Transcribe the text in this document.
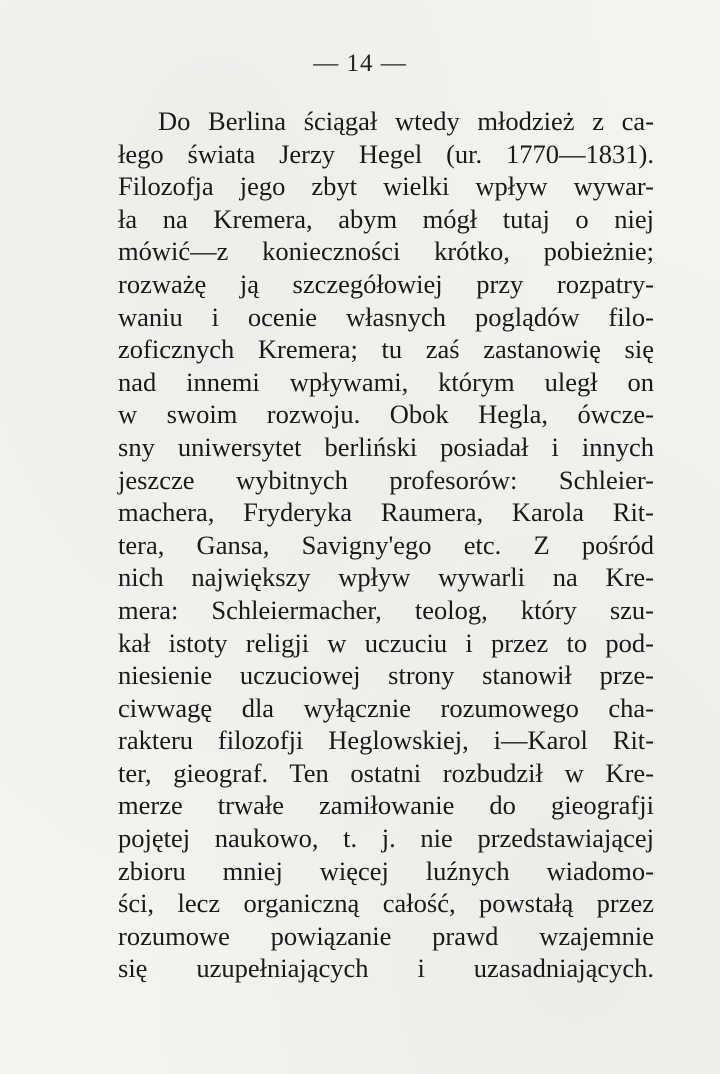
— 14 —
Do Berlina ściągał wtedy młodzież z ca-
łego świata Jerzy Hegel (ur. 1770—1831).
Filozofja jego zbyt wielki wpływ wywar-
ła na Kremera, abym mógł tutaj o niej
mówić—z konieczności krótko, pobieżnie;
rozważę ją szczegółowiej przy rozpatry-
waniu i ocenie własnych poglądów filo-
zoficznych Kremera; tu zaś zastanowię się
nad innemi wpływami, którym uległ on
w swoim rozwoju. Obok Hegla, ówcze-
sny uniwersytet berliński posiadał i innych
jeszcze wybitnych profesorów: Schleier-
machera, Fryderyka Raumera, Karola Rit-
tera, Gansa, Savigny'ego etc. Z pośród
nich największy wpływ wywarli na Kre-
mera: Schleiermacher, teolog, który szu-
kał istoty religji w uczuciu i przez to pod-
niesienie uczuciowej strony stanowił prze-
ciwwagę dla wyłącznie rozumowego cha-
rakteru filozofji Heglowskiej, i—Karol Rit-
ter, gieograf. Ten ostatni rozbudził w Kre-
merze trwałe zamiłowanie do gieografji
pojętej naukowo, t. j. nie przedstawiającej
zbioru mniej więcej luźnych wiadomo-
ści, lecz organiczną całość, powstałą przez
rozumowe powiązanie prawd wzajemnie
się uzupełniających i uzasadniających.
